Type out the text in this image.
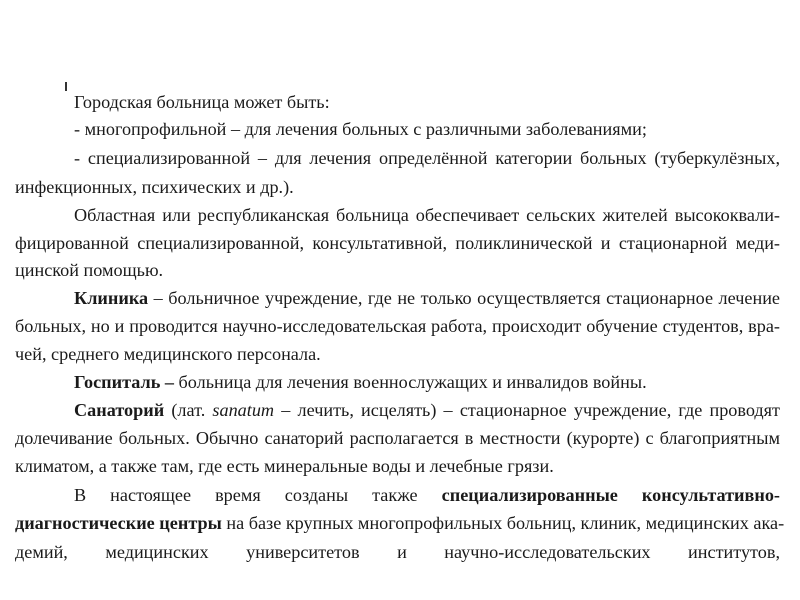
Городская больница может быть:
- многопрофильной – для лечения больных с различными заболеваниями;
- специализированной – для лечения определённой категории больных (туберкулёзных,
инфекционных, психических и др.).
Областная или республиканская больница обеспечивает сельских жителей высококвали-
фицированной специализированной, консультативной, поликлинической и стационарной меди-
цинской помощью.
Клиника – больничное учреждение, где не только осуществляется стационарное лечение
больных, но и проводится научно-исследовательская работа, происходит обучение студентов, вра-
чей, среднего медицинского персонала.
Госпиталь – больница для лечения военнослужащих и инвалидов войны.
Санаторий (лат. sanatum – лечить, исцелять) – стационарное учреждение, где проводят
долечивание больных. Обычно санаторий располагается в местности (курорте) с благоприятным
климатом, а также там, где есть минеральные воды и лечебные грязи.
В настоящее время созданы также специализированные консультативно-
диагностические центры на базе крупных многопрофильных больниц, клиник, медицинских ака-
демий, медицинских университетов и научно-исследовательских институтов,
